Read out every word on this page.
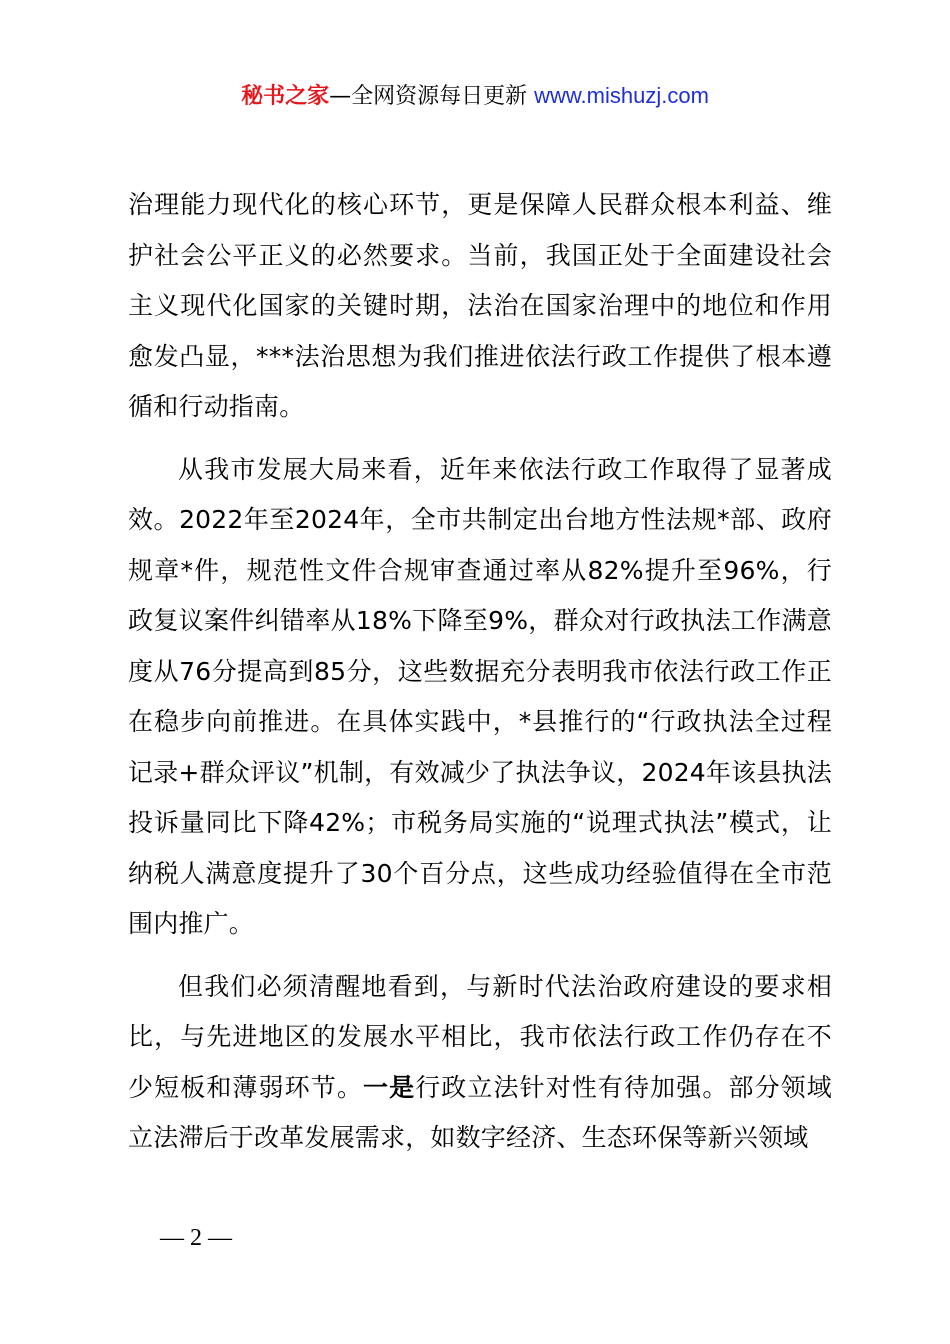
秘书之家—全网资源每日更新 www.mishuzj.com

治理能力现代化的核心环节，更是保障人民群众根本利益、维护社会公平正义的必然要求。当前，我国正处于全面建设社会主义现代化国家的关键时期，法治在国家治理中的地位和作用愈发凸显，***法治思想为我们推进依法行政工作提供了根本遵循和行动指南。

从我市发展大局来看，近年来依法行政工作取得了显著成效。2022年至2024年，全市共制定出台地方性法规*部、政府规章*件，规范性文件合规审查通过率从82%提升至96%，行政复议案件纠错率从18%下降至9%，群众对行政执法工作满意度从76分提高到85分，这些数据充分表明我市依法行政工作正在稳步向前推进。在具体实践中，*县推行的“行政执法全过程记录+群众评议”机制，有效减少了执法争议，2024年该县执法投诉量同比下降42%；市税务局实施的“说理式执法”模式，让纳税人满意度提升了30个百分点，这些成功经验值得在全市范围内推广。

但我们必须清醒地看到，与新时代法治政府建设的要求相比，与先进地区的发展水平相比，我市依法行政工作仍存在不少短板和薄弱环节。一是行政立法针对性有待加强。部分领域立法滞后于改革发展需求，如数字经济、生态环保等新兴领域

— 2 —
